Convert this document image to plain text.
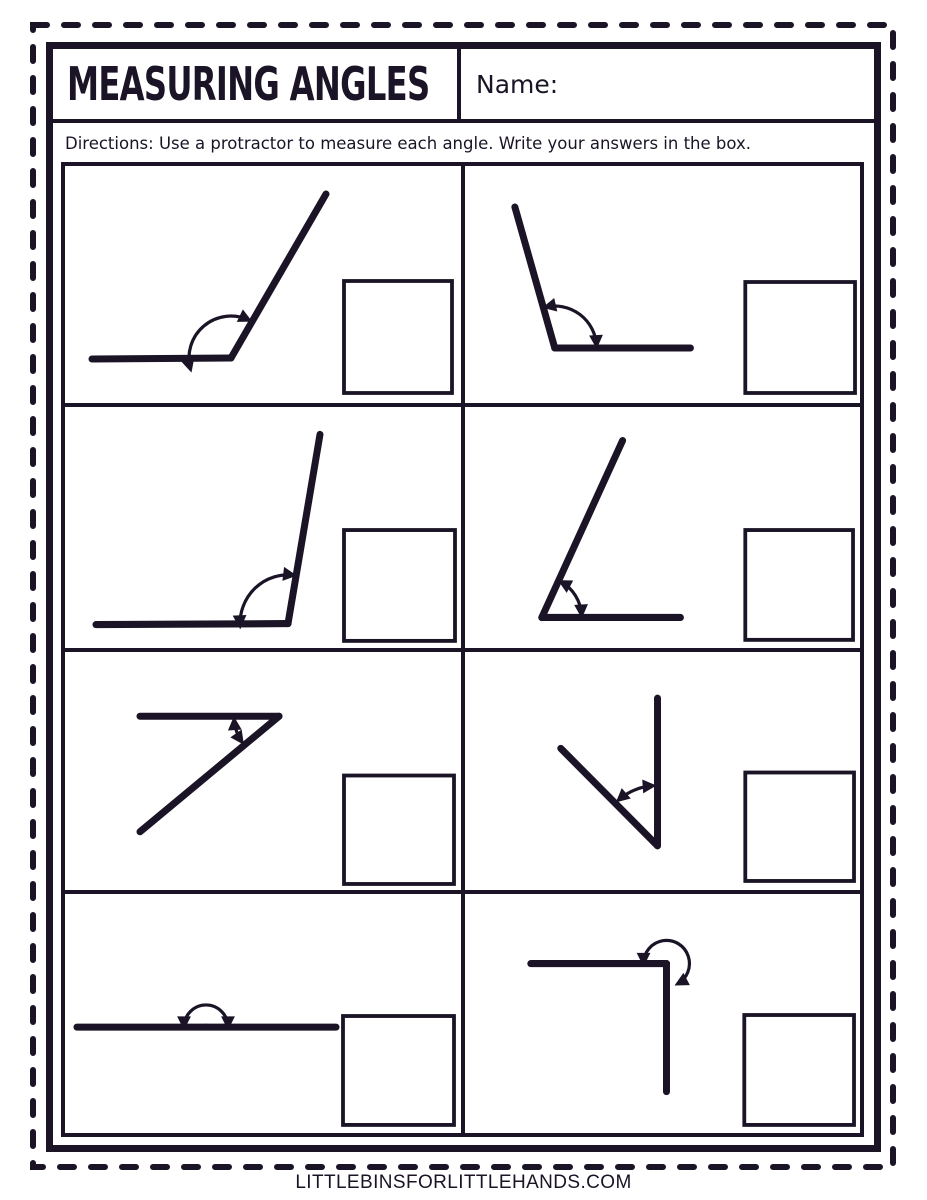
MEASURING ANGLES Name:
Directions: Use a protractor to measure each angle. Write your answers in the box.
LITTLEBINSFORLITTLEHANDS.COM
